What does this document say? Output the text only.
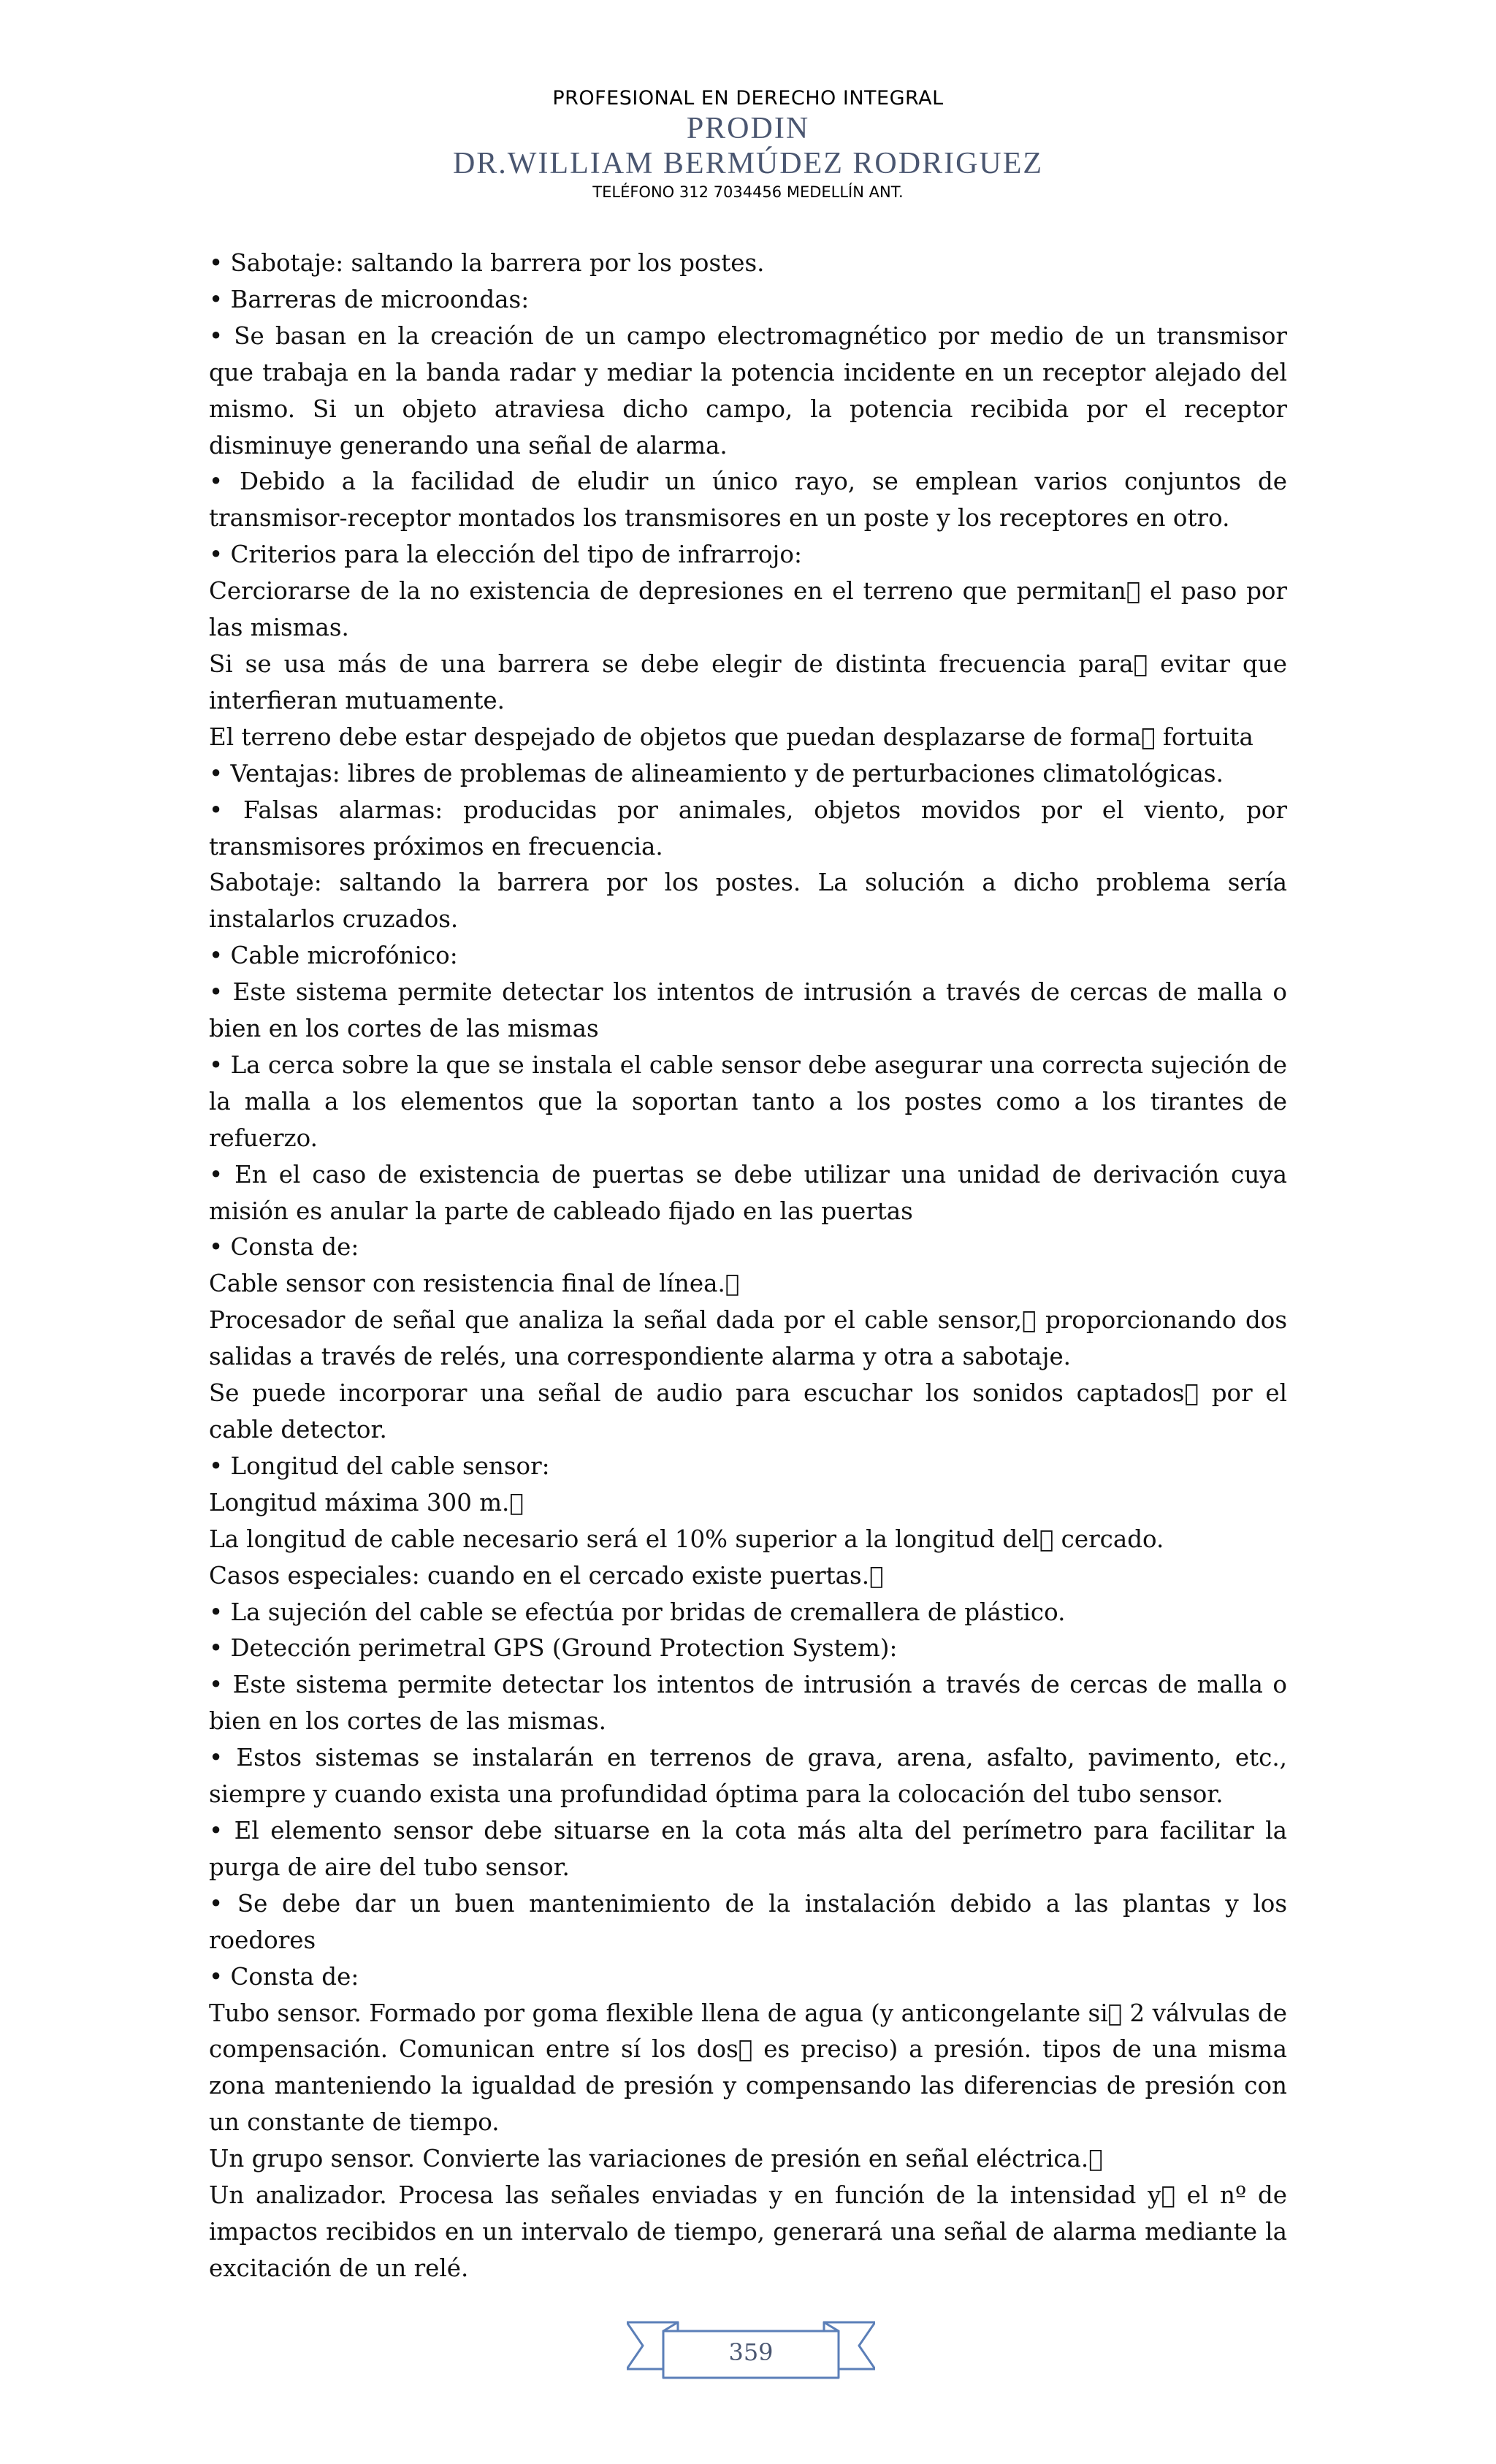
PROFESIONAL EN DERECHO INTEGRAL
PRODIN
DR.WILLIAM BERMÚDEZ RODRIGUEZ
TELÉFONO 312 7034456 MEDELLÍN ANT.

• Sabotaje: saltando la barrera por los postes.

• Barreras de microondas:

• Se basan en la creación de un campo electromagnético por medio de un transmisor que trabaja en la banda radar y mediar la potencia incidente en un receptor alejado del mismo. Si un objeto atraviesa dicho campo, la potencia recibida por el receptor disminuye generando una señal de alarma.

• Debido a la facilidad de eludir un único rayo, se emplean varios conjuntos de transmisor-receptor montados los transmisores en un poste y los receptores en otro.

• Criterios para la elección del tipo de infrarrojo:

Cerciorarse de la no existencia de depresiones en el terreno que permitan el paso por las mismas.

Si se usa más de una barrera se debe elegir de distinta frecuencia para evitar que interfieran mutuamente.

El terreno debe estar despejado de objetos que puedan desplazarse de forma fortuita

• Ventajas: libres de problemas de alineamiento y de perturbaciones climatológicas.

• Falsas alarmas: producidas por animales, objetos movidos por el viento, por transmisores próximos en frecuencia.

Sabotaje: saltando la barrera por los postes. La solución a dicho problema sería instalarlos cruzados.

• Cable microfónico:

• Este sistema permite detectar los intentos de intrusión a través de cercas de malla o bien en los cortes de las mismas

• La cerca sobre la que se instala el cable sensor debe asegurar una correcta sujeción de la malla a los elementos que la soportan tanto a los postes como a los tirantes de refuerzo.

• En el caso de existencia de puertas se debe utilizar una unidad de derivación cuya misión es anular la parte de cableado fijado en las puertas

• Consta de:

Cable sensor con resistencia final de línea.

Procesador de señal que analiza la señal dada por el cable sensor, proporcionando dos salidas a través de relés, una correspondiente alarma y otra a sabotaje.

Se puede incorporar una señal de audio para escuchar los sonidos captados por el cable detector.

• Longitud del cable sensor:

Longitud máxima 300 m.

La longitud de cable necesario será el 10% superior a la longitud del cercado.

Casos especiales: cuando en el cercado existe puertas.

• La sujeción del cable se efectúa por bridas de cremallera de plástico.

• Detección perimetral GPS (Ground Protection System):

• Este sistema permite detectar los intentos de intrusión a través de cercas de malla o bien en los cortes de las mismas.

• Estos sistemas se instalarán en terrenos de grava, arena, asfalto, pavimento, etc., siempre y cuando exista una profundidad óptima para la colocación del tubo sensor.

• El elemento sensor debe situarse en la cota más alta del perímetro para facilitar la purga de aire del tubo sensor.

• Se debe dar un buen mantenimiento de la instalación debido a las plantas y los roedores

• Consta de:

Tubo sensor. Formado por goma flexible llena de agua (y anticongelante si 2 válvulas de compensación. Comunican entre sí los dos es preciso) a presión. tipos de una misma zona manteniendo la igualdad de presión y compensando las diferencias de presión con un constante de tiempo.

Un grupo sensor. Convierte las variaciones de presión en señal eléctrica.

Un analizador. Procesa las señales enviadas y en función de la intensidad y el nº de impactos recibidos en un intervalo de tiempo, generará una señal de alarma mediante la excitación de un relé.

359
